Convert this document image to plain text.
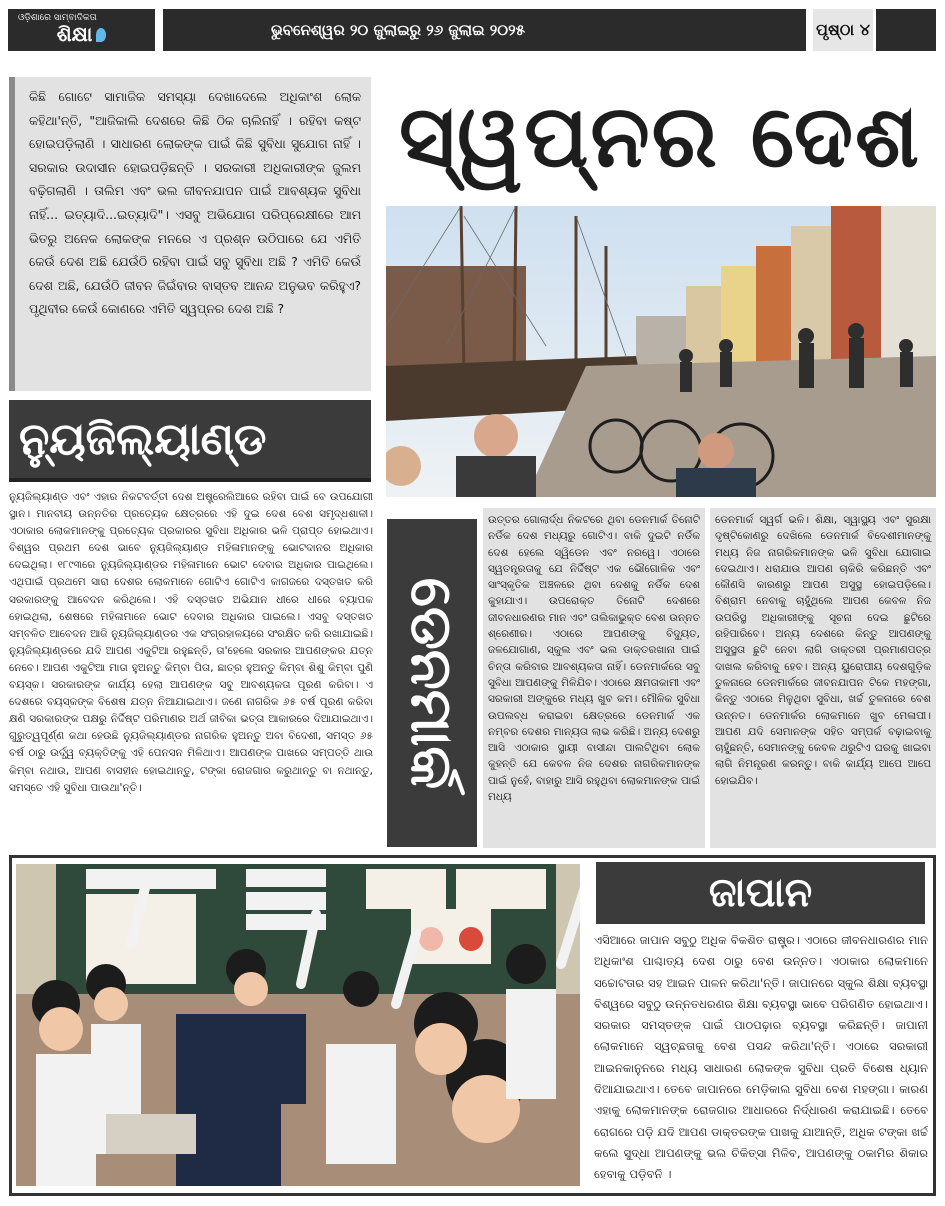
ଓଡ଼ିଶାରେ ସାମ୍ବାଦିକତା
ଶିକ୍ଷା	ଭୁବନେଶ୍ୱର ୨୦ ଜୁଲାଇରୁ ୨୬ ଜୁଲାଇ ୨୦୨୫	ପୃଷ୍ଠା ୪
କିଛି ଗୋଟେ ସାମାଜିକ ସମସ୍ୟା ଦେଖାଦେଲେ ଅଧିକାଂଶ ଲୋକ କହିଥା'ନ୍ତି, "ଆଜିକାଲି ଦେଶରେ କିଛି ଠିକ ଚାଲିନାହିଁ । ରହିବା କଷ୍ଟ ହୋଇପଡ଼ିଲାଣି । ସାଧାରଣ ଲୋକଙ୍କ ପାଇଁ କିଛି ସୁବିଧା ସୁଯୋଗ ନାହିଁ । ସରକାର ଉଦାସୀନ ହୋଇପଡ଼ିଛନ୍ତି । ସରକାରୀ ଅଧିକାରୀଙ୍କ ଜୁଲମ ବଢ଼ିଗଲାଣି । ତାଲିମ ଏବଂ ଭଲ ଜୀବନଯାପନ ପାଇଁ ଆବଶ୍ୟକ ସୁବିଧା ନାହିଁ... ଇତ୍ୟାଦି...ଇତ୍ୟାଦି"। ଏସବୁ ଅଭିଯୋଗ ପରିପ୍ରେକ୍ଷୀରେ ଆମ ଭିତରୁ ଅନେକ ଲୋକଙ୍କ ମନରେ ଏ ପ୍ରଶ୍ନ ଉଠିପାରେ ଯେ ଏମିତି କେଉଁ ଦେଶ ଅଛି ଯେଉଁଠି ରହିବା ପାଇଁ ସବୁ ସୁବିଧା ଅଛି ? ଏମିତି କେଉଁ ଦେଶ ଅଛି, ଯେଉଁଠି ଜୀବନ ଜିଇଁବାର ବାସ୍ତବ ଆନନ୍ଦ ଅନୁଭବ କରିହୁଏ? ପୃଥିବୀର କେଉଁ କୋଣରେ ଏମିତି ସ୍ୱପ୍ନର ଦେଶ ଅଛି ?
ସ୍ୱପ୍ନର ଦେଶ
ନ୍ୟୁଜିଲ୍ୟାଣ୍ଡ
ନ୍ୟୁଜିଲ୍ୟାଣ୍ଡ ଏବଂ ଏହାର ନିକଟବର୍ତ୍ତୀ ଦେଶ ଅଷ୍ଟ୍ରେଲିଆରେ ରହିବା ପାଇଁ ବେ ଉପଯୋଗୀ ସ୍ଥାନ। ମାନବୀୟ ଉନ୍ନତିର ପ୍ରତ୍ୟେକ କ୍ଷେତ୍ରରେ ଏହି ଦୁଇ ଦେଶ ବେଶ ସମୃଦ୍ଧଶାଳୀ। ଏଠାକାର ଲୋକମାନଙ୍କୁ ପ୍ରତ୍ୟେକ ପ୍ରକାରର ସୁବିଧା ଅଧିକାର ଭଳି ପ୍ରାପ୍ତ ହୋଇଥାଏ। ବିଶ୍ୱର ପ୍ରଥମ ଦେଶ ଭାବେ ନ୍ୟୁଜିଲ୍ୟାଣ୍ଡ ମହିଳାମାନଙ୍କୁ ଭୋଟଦାନର ଅଧିକାର ଦେଇଥିଲା। ୧୮୯୩ରେ ନ୍ୟୁଜିଲ୍ୟାଣ୍ଡର ମହିଳାମାନେ ଭୋଟ ଦେବାର ଅଧିକାର ପାଇଥିଲେ। ଏଥିପାଇଁ ପ୍ରଥମେ ସାରା ଦେଶର ଲୋକମାନେ ଗୋଟିଏ ଗୋଟିଏ କାଗଜରେ ଦସ୍ତଖତ କରି ସରକାରଙ୍କୁ ଆବେଦନ କରିଥିଲେ। ଏହି ଦସ୍ତଖତ ଅଭିଯାନ ଧୀରେ ଧୀରେ ବ୍ୟାପକ ହୋଇଥିଲା, ଶେଷରେ ମହିଳାମାନେ ଭୋଟ ଦେବାର ଅଧିକାର ପାଇଲେ। ଏସବୁ ଦସ୍ତଖତ ସମ୍ବଳିତ ଆବେଦନ ଆଜି ନ୍ୟୁଜିଲ୍ୟାଣ୍ଡର ଏକ ସଂଗ୍ରହାଳୟରେ ସଂରକ୍ଷିତ କରି ରଖାଯାଇଛି। ନ୍ୟୁଜିଲ୍ୟାଣ୍ଡରେ ଯଦି ଆପଣ ଏକୁଟିଆ ରହୁଛନ୍ତି, ତା'ହେଲେ ସରକାର ଆପଣଙ୍କର ଯତ୍ନ ନେବେ। ଆପଣ ଏକୁଟିଆ ମାତା ହୁଅନ୍ତୁ କିମ୍ବା ପିତା, ଛାତ୍ର ହୁଅନ୍ତୁ କିମ୍ବା ଶିଶୁ କିମ୍ବା ପୁଣି ବୟସ୍କ। ସରକାରଙ୍କ କାର୍ଯ୍ୟ ହେଲା ଆପଣଙ୍କ ସବୁ ଆବଶ୍ୟକତା ପୂରଣ କରିବା। ଏ ଦେଶରେ ବୟସ୍କଙ୍କ ବିଶେଷ ଯତ୍ନ ନିଆଯାଇଥାଏ। ଜଣେ ନାଗରିକ ୬୫ ବର୍ଷ ପୂରଣ କରିବା କ୍ଷଣି ସରକାରଙ୍କ ପକ୍ଷରୁ ନିର୍ଦ୍ଦିଷ୍ଟ ପରିମାଣର ଅର୍ଥ ଜୀବିକା ଭତ୍ତା ଆକାରରେ ଦିଆଯାଇଥାଏ। ଗୁରୁତ୍ୱପୂର୍ଣ୍ଣ କଥା ହେଉଛି ନ୍ୟୁଜିଲ୍ୟାଣ୍ଡର ନାଗରିକ ହୁଅନ୍ତୁ ଅବା ବିଦେଶୀ, ସମସ୍ତ ୬୫ ବର୍ଷ ଠାରୁ ଉର୍ଦ୍ଧ୍ୱ ବ୍ୟକ୍ତିଙ୍କୁ ଏହି ପେନସନ ମିଳିଥାଏ। ଆପଣଙ୍କ ପାଖରେ ସମ୍ପତ୍ତି ଥାଉ କିମ୍ବା ନଥାଉ, ଆପଣ ବାସହୀନ ହୋଇଥାନ୍ତୁ, ଟଙ୍କା ରୋଜଗାର କରୁଥାନ୍ତୁ ବା ନଥାନ୍ତୁ, ସମସ୍ତେ ଏହି ସୁବିଧା ପାଉଥା'ନ୍ତି।	ଡେନମାର୍କ
ଉତ୍ତର ଗୋଲାର୍ଦ୍ଧ ନିକଟରେ ଥିବା ଡେନମାର୍କ ତିନୋଟି ନର୍ଡିକ ଦେଶ ମଧ୍ୟରୁ ଗୋଟିଏ। ବାକି ଦୁଇଟି ନର୍ଡିକ ଦେଶ ହେଲେ ସ୍ୱିଡେନ ଏବଂ ନରୱେ। ଏଠାରେ ସ୍ୱତନ୍ତ୍ରତାକୁ ଯେ ନିର୍ଦ୍ଦିଷ୍ଟ ଏକ ଭୌଗୋଳିକ ଏବଂ ସାଂସ୍କୃତିକ ଅଞ୍ଚଳରେ ଥିବା ଦେଶକୁ ନର୍ଡିକ ଦେଶ କୁହାଯାଏ। ଉପରୋକ୍ତ ତିନୋଟି ଦେଶରେ ଜୀବନଧାରଣର ମାନ ଏବଂ ତାଲିକାଭୁକ୍ତ ବେଶ ଉନ୍ନତ ଶ୍ରେଣୀର। ଏଠାରେ ଆପଣଙ୍କୁ ବିଦ୍ୟୁତ, ଜଳଯୋଗାଣ, ସ୍କୁଲ ଏବଂ ଭଲ ଡାକ୍ତରଖାନା ପାଇଁ ଚିନ୍ତା କରିବାର ଆବଶ୍ୟକତା ନାହିଁ। ଡେନମାର୍କରେ ସବୁ ସୁବିଧା ଆପଣଙ୍କୁ ମିଳିଯିବ। ଏଠାରେ କ୍ଷମତାକାମୀ ଏବଂ ସରକାରୀ ଅଙ୍କୁରେ ମଧ୍ୟ ଖୁବ କମ। ମୌଳିକ ସୁବିଧା ଉପଲବ୍ଧ କରାଇବା କ୍ଷେତ୍ରରେ ଡେନମାର୍କ ଏକ ନମ୍ବର ଦେଶର ମାନ୍ୟତା ଲାଭ କରିଛି। ଅନ୍ୟ ଦେଶରୁ ଆସି ଏଠାକାର ସ୍ଥାୟୀ ବାସୀନ୍ଦା ପାଲଟିଥିବା ଲୋକ କୁହନ୍ତି ଯେ କେବଳ ନିଜ ଦେଶର ନାଗରିକମାନଙ୍କ ପାଇଁ ନୁହେଁ, ବାହାରୁ ଆସି ରହୁଥିବା ଲୋକମାନଙ୍କ ପାଇଁ ମଧ୍ୟ
ଡେନମାର୍କ ସ୍ୱର୍ଗ ଭଳି। ଶିକ୍ଷା, ସ୍ୱାସ୍ଥ୍ୟ ଏବଂ ସୁରକ୍ଷା ଦୃଷ୍ଟିକୋଣରୁ ଦେଖିଲେ ଡେନମାର୍କ ବିଦେଶୀମାନଙ୍କୁ ମଧ୍ୟ ନିଜ ନାଗରିକମାନଙ୍କ ଭଳି ସୁବିଧା ଯୋଗାଇ ଦେଇଥାଏ। ଧରାଯାଉ ଆପଣ ଚାକିରି କରିଛନ୍ତି ଏବଂ କୌଣସି କାରଣରୁ ଆପଣ ଅସୁସ୍ଥ ହୋଇପଡ଼ିଲେ। ବିଶ୍ରାମ ନେବାକୁ ଚାହୁଁଥିଲେ ଆପଣ କେବଳ ନିଜ ଉପରିସ୍ଥ ଅଧିକାରୀଙ୍କୁ ସୂଚନା ଦେଇ ଛୁଟିରେ ରହିପାରିବେ। ଅନ୍ୟ ଦେଶରେ କିନ୍ତୁ ଆପଣଙ୍କୁ ଅସୁସ୍ଥତା ଛୁଟି ନେବା ଲାଗି ଡାକ୍ତରୀ ପ୍ରମାଣପତ୍ର ଦାଖଲ କରିବାକୁ ହେବ। ଅନ୍ୟ ୟୁରୋପୀୟ ଦେଶଗୁଡ଼ିକ ତୁଳନାରେ ଡେନମାର୍କରେ ଜୀବନଯାପନ ଟିକେ ମହଙ୍ଗା, କିନ୍ତୁ ଏଠାରେ ମିଳୁଥିବା ସୁବିଧା, ଖର୍ଚ୍ଚ ତୁଳନାରେ ବେଶ ଉନ୍ନତ। ଡେନମାର୍କର ଲୋକମାନେ ଖୁବ ମେଳାପୀ। ଆପଣ ଯଦି ସେମାନଙ୍କ ସହିତ ସମ୍ପର୍କ ବଢ଼ାଇବାକୁ ଚାହୁଁଛନ୍ତି, ସେମାନଙ୍କୁ କେବଳ ଥରୁଟିଏ ଘରକୁ ଖାଇବା ଲାଗି ନିମନ୍ତ୍ରଣ କରନ୍ତୁ। ବାକି କାର୍ଯ୍ୟ ଆପେ ଆପେ ହୋଇଯିବ।
ଜାପାନ
ଏସିଆରେ ଜାପାନ ସବୁଠୁ ଅଧିକ ବିକଶିତ ରାଷ୍ଟ୍ର। ଏଠାରେ ଜୀବନଧାରଣର ମାନ ଅଧିକାଂଶ ପାଶ୍ଚାତ୍ୟ ଦେଶ ଠାରୁ ବେଶ ଉନ୍ନତ। ଏଠାକାର ଲୋକମାନେ ସଚ୍ଚୋଟତାର ସହ ଆଇନ ପାଳନ କରିଥା'ନ୍ତି। ଜାପାନରେ ସ୍କୁଲ ଶିକ୍ଷା ବ୍ୟବସ୍ଥା ବିଶ୍ୱରେ ସବୁଠୁ ଉନ୍ନତଧରଣର ଶିକ୍ଷା ବ୍ୟବସ୍ଥା ଭାବେ ପରିଗଣିତ ହୋଇଥାଏ। ସରକାର ସମସ୍ତଙ୍କ ପାଇଁ ପାଠପଢ଼ାର ବ୍ୟବସ୍ଥା କରିଛନ୍ତି। ଜାପାନୀ ଲୋକମାନେ ସ୍ୱଚ୍ଛତାକୁ ବେଶ ପସନ୍ଦ କରିଥା'ନ୍ତି। ଏଠାରେ ସରକାରୀ ଆଇନକାନୁନରେ ମଧ୍ୟ ସାଧାରଣ ଲୋକଙ୍କ ସୁବିଧା ପ୍ରତି ବିଶେଷ ଧ୍ୟାନ ଦିଆଯାଇଥାଏ। ତେବେ ଜାପାନରେ ମେଡ଼ିକାଲ ସୁବିଧା ବେଶ ମହଙ୍ଗା। କାରଣ ଏହାକୁ ଲୋକମାନଙ୍କ ରୋଜଗାର ଆଧାରରେ ନିର୍ଦ୍ଧାରଣ କରାଯାଇଛି। ତେବେ ରୋଗରେ ପଡ଼ି ଯଦି ଆପଣ ଡାକ୍ତରଙ୍କ ପାଖକୁ ଯାଆନ୍ତି, ଅଧିକ ଟଙ୍କା ଖର୍ଚ୍ଚ କଲେ ସୁଦ୍ଧା ଆପଣଙ୍କୁ ଭଲ ଚିକିତ୍ସା ମିଳିବ, ଆପଣଙ୍କୁ ଠକାମିର ଶିକାର ହେବାକୁ ପଡ଼ିବନି ।
